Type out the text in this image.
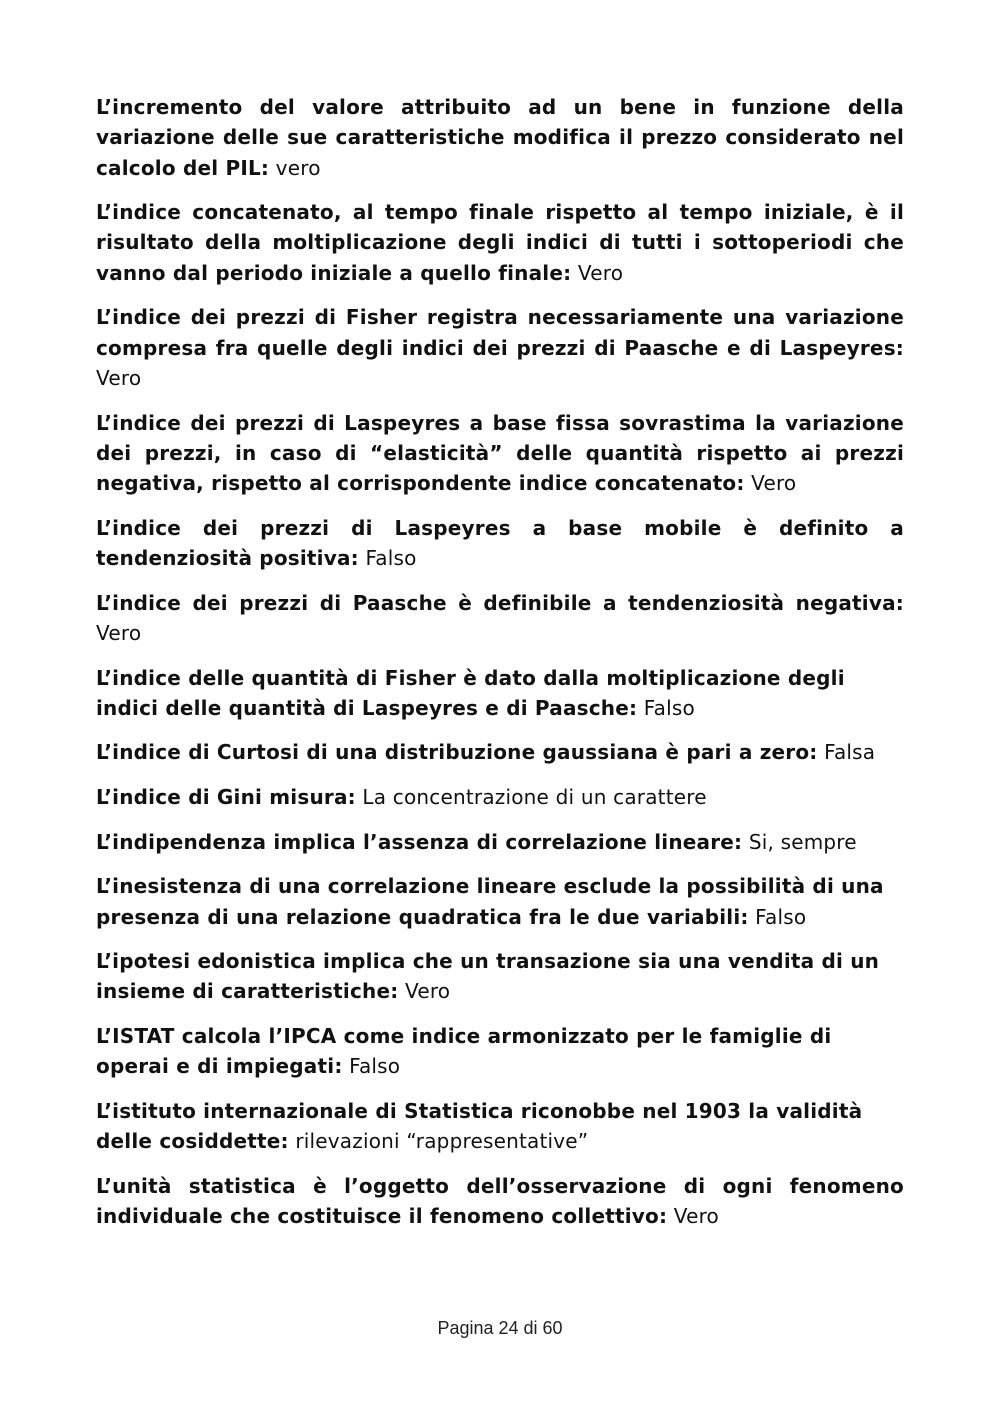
L’incremento del valore attribuito ad un bene in funzione della variazione delle sue caratteristiche modifica il prezzo considerato nel calcolo del PIL: vero

L’indice concatenato, al tempo finale rispetto al tempo iniziale, è il risultato della moltiplicazione degli indici di tutti i sottoperiodi che vanno dal periodo iniziale a quello finale: Vero

L’indice dei prezzi di Fisher registra necessariamente una variazione compresa fra quelle degli indici dei prezzi di Paasche e di Laspeyres: Vero

L’indice dei prezzi di Laspeyres a base fissa sovrastima la variazione dei prezzi, in caso di “elasticità” delle quantità rispetto ai prezzi negativa, rispetto al corrispondente indice concatenato: Vero

L’indice dei prezzi di Laspeyres a base mobile è definito a tendenziosità positiva: Falso

L’indice dei prezzi di Paasche è definibile a tendenziosità negativa: Vero

L’indice delle quantità di Fisher è dato dalla moltiplicazione degli indici delle quantità di Laspeyres e di Paasche: Falso

L’indice di Curtosi di una distribuzione gaussiana è pari a zero: Falsa

L’indice di Gini misura: La concentrazione di un carattere

L’indipendenza implica l’assenza di correlazione lineare: Si, sempre

L’inesistenza di una correlazione lineare esclude la possibilità di una presenza di una relazione quadratica fra le due variabili: Falso

L’ipotesi edonistica implica che un transazione sia una vendita di un insieme di caratteristiche: Vero

L’ISTAT calcola l’IPCA come indice armonizzato per le famiglie di operai e di impiegati: Falso

L’istituto internazionale di Statistica riconobbe nel 1903 la validità delle cosiddette: rilevazioni “rappresentative”

L’unità statistica è l’oggetto dell’osservazione di ogni fenomeno individuale che costituisce il fenomeno collettivo: Vero

Pagina 24 di 60
